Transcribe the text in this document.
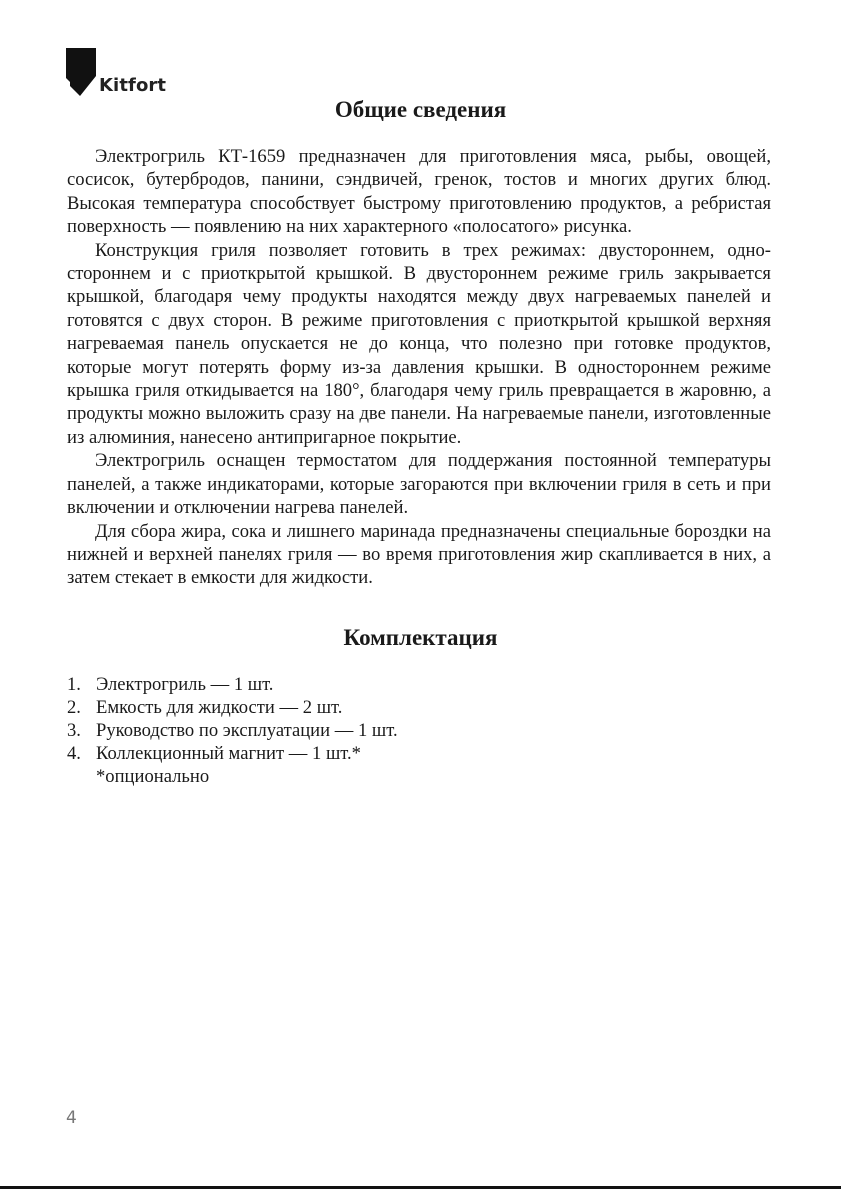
Kitfort
Общие сведения

Электрогриль КТ-1659 предназначен для приготовления мяса, рыбы, овощей, сосисок, бутербродов, панини, сэндвичей, гренок, тостов и многих других блюд. Высокая температура способствует быстрому приготовлению продуктов, а ребристая поверхность — появлению на них характерного «полосатого» рисунка.

Конструкция гриля позволяет готовить в трех режимах: двустороннем, одностороннем и с приоткрытой крышкой. В двустороннем режиме гриль закрывается крышкой, благодаря чему продукты находятся между двух нагреваемых панелей и готовятся с двух сторон. В режиме приготовления с приоткрытой крышкой верхняя нагреваемая панель опускается не до конца, что полезно при готовке продуктов, которые могут потерять форму из-за давления крышки. В одностороннем режиме крышка гриля откидывается на 180°, благодаря чему гриль превращается в жаровню, а продукты можно выложить сразу на две панели. На нагреваемые панели, изготовленные из алюминия, нанесено антипригарное покрытие.

Электрогриль оснащен термостатом для поддержания постоянной температуры панелей, а также индикаторами, которые загораются при включении гриля в сеть и при включении и отключении нагрева панелей.

Для сбора жира, сока и лишнего маринада предназначены специальные бороздки на нижней и верхней панелях гриля — во время приготовления жир скапливается в них, а затем стекает в емкости для жидкости.

Комплектация
1. Электрогриль — 1 шт.
2. Емкость для жидкости — 2 шт.
3. Руководство по эксплуатации — 1 шт.
4. Коллекционный магнит — 1 шт.*
*опционально
4
